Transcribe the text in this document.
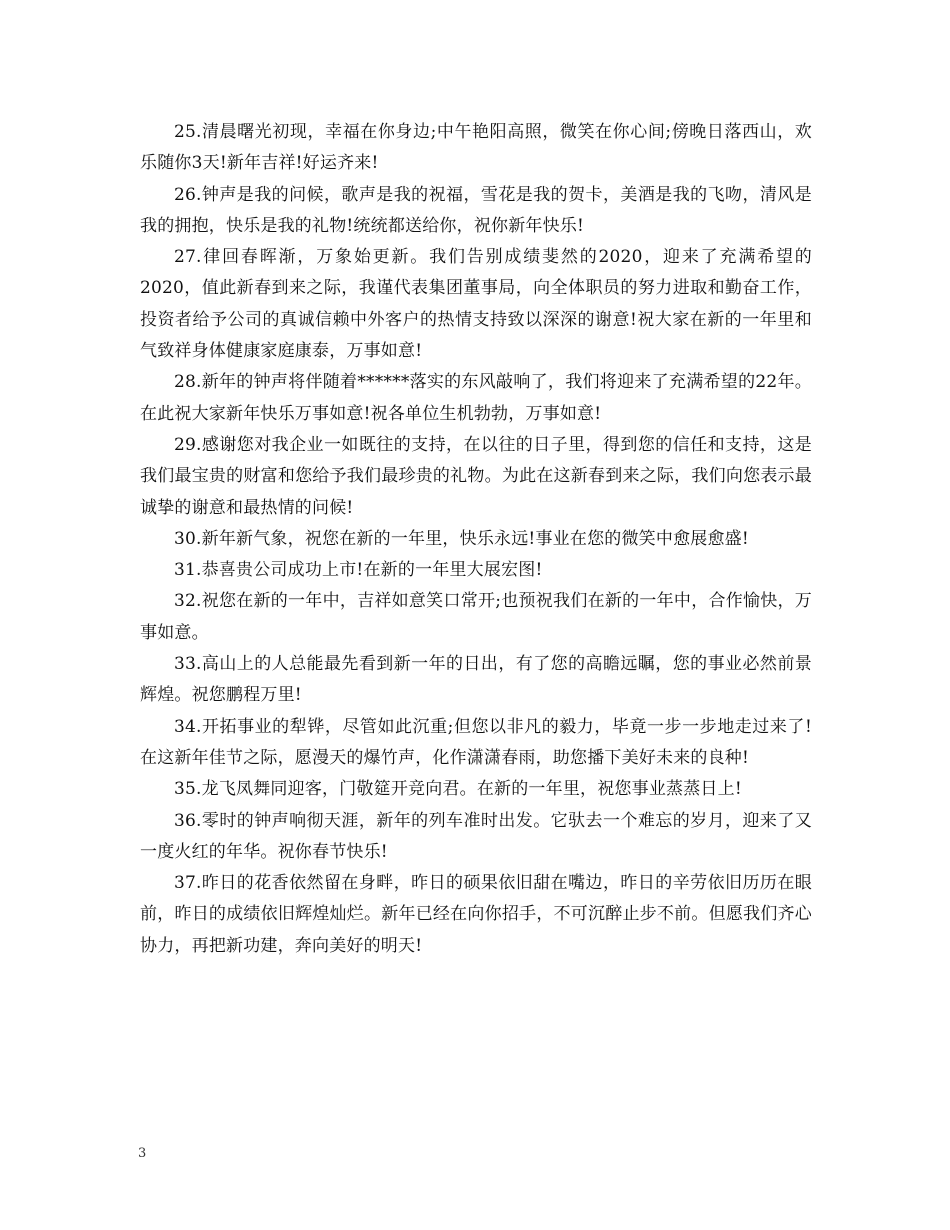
25.清晨曙光初现，幸福在你身边;中午艳阳高照，微笑在你心间;傍晚日落西山，欢乐随你3天!新年吉祥!好运齐来!

26.钟声是我的问候，歌声是我的祝福，雪花是我的贺卡，美酒是我的飞吻，清风是我的拥抱，快乐是我的礼物!统统都送给你，祝你新年快乐!

27.律回春晖渐，万象始更新。我们告别成绩斐然的2020，迎来了充满希望的2020，值此新春到来之际，我谨代表集团董事局，向全体职员的努力进取和勤奋工作，投资者给予公司的真诚信赖中外客户的热情支持致以深深的谢意!祝大家在新的一年里和气致祥身体健康家庭康泰，万事如意!

28.新年的钟声将伴随着******落实的东风敲响了，我们将迎来了充满希望的22年。在此祝大家新年快乐万事如意!祝各单位生机勃勃，万事如意!

29.感谢您对我企业一如既往的支持，在以往的日子里，得到您的信任和支持，这是我们最宝贵的财富和您给予我们最珍贵的礼物。为此在这新春到来之际，我们向您表示最诚挚的谢意和最热情的问候!

30.新年新气象，祝您在新的一年里，快乐永远!事业在您的微笑中愈展愈盛!

31.恭喜贵公司成功上市!在新的一年里大展宏图!

32.祝您在新的一年中，吉祥如意笑口常开;也预祝我们在新的一年中，合作愉快，万事如意。

33.高山上的人总能最先看到新一年的日出，有了您的高瞻远瞩，您的事业必然前景辉煌。祝您鹏程万里!

34.开拓事业的犁铧，尽管如此沉重;但您以非凡的毅力，毕竟一步一步地走过来了!在这新年佳节之际，愿漫天的爆竹声，化作潇潇春雨，助您播下美好未来的良种!

35.龙飞凤舞同迎客，门敬筵开竞向君。在新的一年里，祝您事业蒸蒸日上!

36.零时的钟声响彻天涯，新年的列车准时出发。它驮去一个难忘的岁月，迎来了又一度火红的年华。祝你春节快乐!

37.昨日的花香依然留在身畔，昨日的硕果依旧甜在嘴边，昨日的辛劳依旧历历在眼前，昨日的成绩依旧辉煌灿烂。新年已经在向你招手，不可沉醉止步不前。但愿我们齐心协力，再把新功建，奔向美好的明天!

3
